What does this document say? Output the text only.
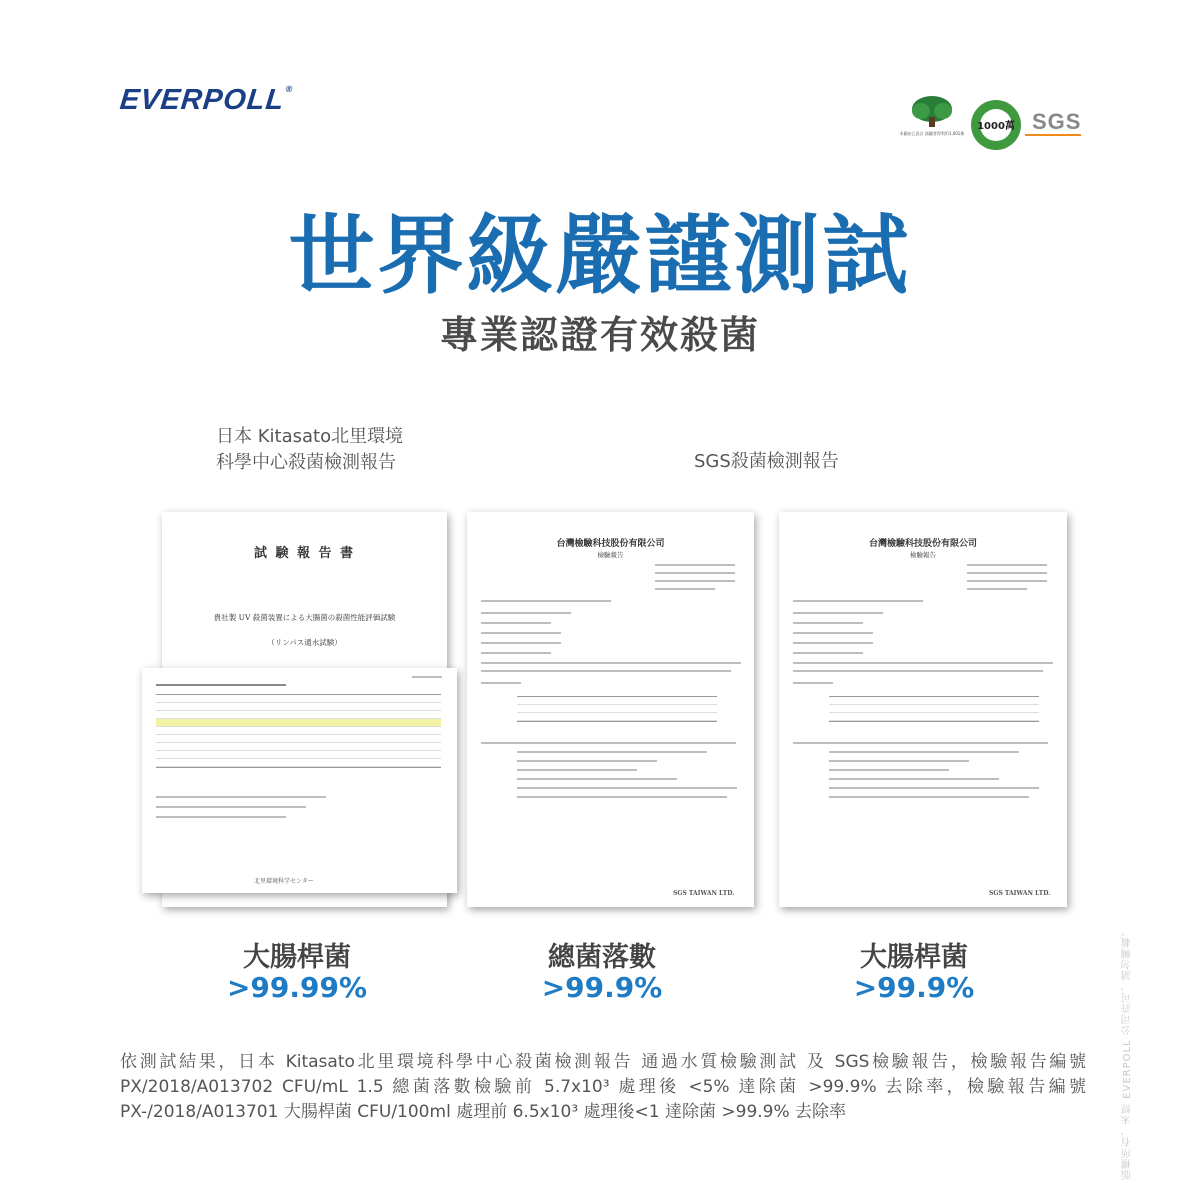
EVERPOLL®
本圖由已設計 插圖者得利用1,001株
1000萬 SGS
世界級嚴謹測試
專業認證有效殺菌
日本 Kitasato北里環境
科學中心殺菌檢測報告	SGS殺菌檢測報告
試 験 報 告 書
貴社製 UV 殺菌装置による大腸菌の殺菌性能評価試験
（リンパス通水試験）
北里環境科学センター
台灣檢驗科技股份有限公司
檢驗報告
SGS TAIWAN LTD.
台灣檢驗科技股份有限公司
檢驗報告
SGS TAIWAN LTD.
大腸桿菌
>99.99%
總菌落數
>99.9%
大腸桿菌
>99.9%
依測試結果，日本 Kitasato北里環境科學中心殺菌檢測報告 通過水質檢驗測試 及 SGS檢驗報告，檢驗報告編號 PX/2018/A013702 CFU/mL 1.5 總菌落數檢驗前 5.7x10³ 處理後 <5% 達除菌 >99.9% 去除率，檢驗報告編號 PX-/2018/A013701 大腸桿菌 CFU/100ml 處理前 6.5x10³ 處理後<1 達除菌 >99.9% 去除率	版權所有，未經 EVERPOLL 公司許可，請勿轉載。
